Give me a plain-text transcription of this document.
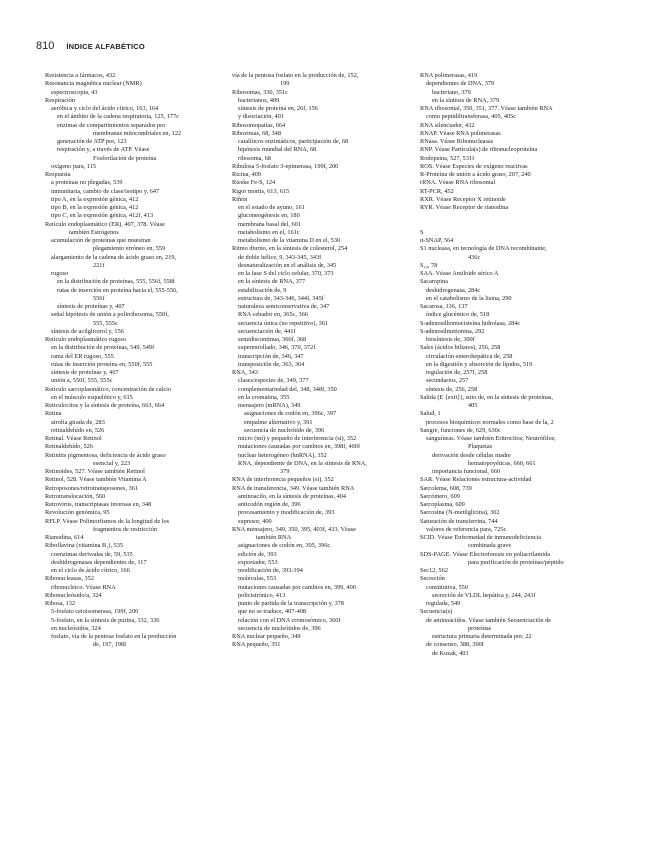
810 ÍNDICE ALFABÉTICO
Resistencia a fármacos, 432
Resonancia magnética nuclear (NMR)
espectroscopia, 43
Respiración
aeróbica y ciclo del ácido cítrico, 163, 164
en el ámbito de la cadena respiratoria, 125, 177c
enzimas de compartimientos separados por
membranas mitocondriales en, 122
generación de ATP por, 123
respiración y, a través de ATP. Véase
Fosforilación de proteína
oxígeno para, 115
Respuesta
a proteínas no plegadas, 539
inmunitaria, cambio de clase/isotipo y, 647
tipo A, en la expresión génica, 412
tipo B, en la expresión génica, 412
tipo C, en la expresión génica, 412f, 413
Retículo endoplasmático (ER), 407, 378. Véase
también Estrógenos
acumulación de proteínas que muestran
plegamiento erróneo en, 559
alargamiento de la cadena de ácido graso en, 219,
221f
rugoso
en la distribución de proteínas, 555, 556f, 558f
rutas de inserción en proteína hacia el, 555-556,
556f
síntesis de proteínas y, 407
señal hipótesis de unión a polirribosoma, 550f,
555, 555c
síntesis de acilglicerol y, 156
Retículo endoplasmático rugoso
en la distribución de proteínas, 549, 549f
rama del ER rugoso, 555
rutas de inserción proteína en, 550f, 555
síntesis de proteínas y, 407
unión a, 550f, 555, 555c
Retículo sarcoplasmático, concentración de calcio
en el músculo esquelético y, 615
Reticulocitos y la síntesis de proteína, 663, 664
Retina
atrofia girada de, 283
retinaldehído en, 526
Retinal. Véase Retinol
Retinaldehído, 526
Retinitis pigmentosa, deficiencia de ácido graso
esencial y, 223
Retinoides, 527. Véase también Retinol
Retinol, 528. Véase también Vitamina A
Retroposones/retrotransposones, 361
Retrotranslocación, 560
Retrovirus, transcriptasas inversas en, 348
Revolución genómica, 95
RFLP. Véase Polimorfismos de la longitud de los
fragmentos de restricción
Rianodina, 614
Riboflavina (vitamina B₂), 535
coenzimas derivadas de, 59, 535
deshidrogenasas dependientes de, 117
en el ciclo de ácido cítrico, 166
Ribonucleasas, 352
ribonucleico. Véase RNA
Ribonucleósido/a, 324
Ribosa, 132
5-fosfato cetoisomerasa, 199f, 200
5-fosfato, en la síntesis de purina, 332, 336
en nucleósidos, 324
fosfato, vía de la pentosa fosfato en la producción
de, 197, 198f
vía de la pentosa fosfato en la producción de, 152,
199
Ribosomas, 330, 351c
bacterianos, 409
síntesis de proteína en, 26f, 156
y disociación, 401
Ribosomopatías, 664
Ribozimas, 68, 348
catalíticos enzimáticos, participación de, 68
hipótesis mundial del RNA, 68
ribosoma, 68
Ribulosa 5-fosfato 3-epimerasa, 199f, 200
Ricina, 409
Rieske Fe-S, 124
Rigor mortis, 613, 615
Riñón
en el estado de ayuno, 161
gluconeogénesis en, 180
membrana basal del, 601
metabolismo en el, 161c
metabolismo de la vitamina D en el, 530
Ritmo diurno, en la síntesis de colesterol, 254
de doble hélice, 9, 343-345, 343f
desnaturalización en el análisis de, 345
en la fase S del ciclo celular, 370, 373
en la síntesis de RNA, 377
estabilización de, 9
estructura de, 343-346, 344f, 345f
naturaleza semiconservativa de, 347
RNA cebador en, 365c, 366
secuencia única (no repetitivo), 361
secuenciación de, 441f
semidiscontinua, 366f, 368
superenrollado, 346, 370, 372f
transcripción de, 346, 347
transposición de, 363, 364
RNA, 343
clases/especies de, 349, 377
complementariedad del, 348, 348f, 350
en la cromatina, 355
mensajero (mRNA), 349
asignaciones de codón en, 396c, 397
empalme alternativo y, 391
secuencia de nucleótido de, 396
micro (mi) y pequeño de interferencia (si), 352
mutaciones causadas por cambios en, 398f, 400f
nuclear heterogéneo (hnRNA), 352
RNA, dependiente de DNA, en la síntesis de RNA,
379
RNA de interferencia pequeños (si), 352
RNA de transferencia, 349. Véase también RNA
aminoacilo, en la síntesis de proteínas, 404
anticodón región de, 396
procesamiento y modificación de, 393
supresor, 400
RNA mensajero, 349, 350, 395, 403f, 433. Véase
también RNA
asignaciones de codón en, 395, 396c
edición de, 393
exportador, 553
modificación de, 393-394
moléculas, 553
mutaciones causadas por cambios en, 399, 400
policistrónico, 413
punto de partida de la transcripción y, 378
que no se traduce, 407-408
relación con el DNA cromosómico, 360f
secuencia de nucleótidos de, 396
RNA nuclear pequeño, 349
RNA pequeño, 351
RNA polimerasas, 419
dependientes de DNA, 379
bacteriano, 379
en la síntesis de RNA, 379
RNA ribosomal, 350, 351, 377. Véase también RNA
como peptidiltransferasa, 405, 405c
RNA silenciador, 432
RNAP. Véase RNA polimerasas
RNasa. Véase Ribonucleasas
RNP. Véase Partícula(s) de ribonucleoproteína
Rodopsina, 527, 531f
ROS. Véase Especies de oxígeno reactivas
R-Proteína de unión a ácido graso, 207, 240
rRNA. Véase RNA ribosomal
RT-PCR, 452
RXR. Véase Receptor X retinoide
RYR. Véase Receptor de rianodina
S
α-SNAP, 564
S1 nucleasa, en tecnología de DNA recombinante,
436c
S₁₀, 78
SAA. Véase Amiloide sérico A
Sacaropina
deshidrogenasa, 284c
en el catabolismo de la lisina, 290
Sacarosa, 136, 137
índice glucémico de, 518
S-adenosilhomocisteína hidrolasa, 284c
S-adenosilmetionina, 292
biosíntesis de, 300f
Sales (ácidos biliares), 256, 258
circulación enterohepática de, 258
en la digestión y absorción de lípidos, 519
regulación de, 257f, 258
secundarios, 257
síntesis de, 256, 258
Salida (E {exit}), sitio de, en la síntesis de proteínas,
405
Salud, 1
procesos bioquímicos normales como base de la, 2
Sangre, funciones de, 629, 630c
sanguíneas. Véase también Eritrocitos; Neutrófilos;
Plaquetas
derivación desde células madre
hematopoyéticas, 660, 661
importancia funcional, 660
SAR. Véase Relaciones estructura-actividad
Sarcolema, 608, 739
Sarcómero, 609
Sarcoplasma, 609
Sarcosina (N-metilglicina), 302
Saturación de transferrina, 744
valores de referencia para, 725c
SCID. Véase Enfermedad de inmunodeficiencia
combinada grave
SDS-PAGE. Véase Electroforesis en poliacrilamida
para purificación de proteínas/péptido
Sec12, 562
Secreción
constitutiva, 550
secreción de VLDL hepática y, 244, 243f
regulada, 549
Secuencia(s)
de aminoácidos. Véase también Secuenciación de
proteínas
estructura primaria determinada por, 22
de consenso, 388, 390f
de Kozak, 403
